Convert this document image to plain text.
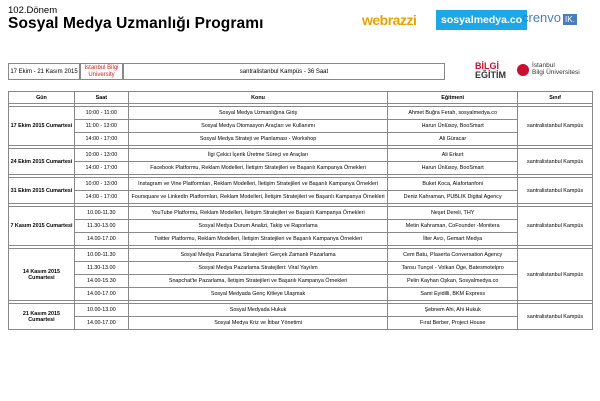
102.Dönem
Sosyal Medya Uzmanlığı Programı	webrazzi	sosyalmedya.co crenvo IK.
17 Ekim - 21 Kasım 2015
İstanbul Bilgi University	santralistanbul Kampüs - 36 Saat
BİLGİ
EĞİTİM
İstanbul
Bilgi Üniversitesi
Gün	Saat	Konu	Eğitmeni	Sınıf

17 Ekim 2015 Cumartesi	10:00 - 11:00	Sosyal Medya Uzmanlığına Giriş	Ahmet Buğra Ferah, sosyalmedya.co	santralistanbul Kampüs
	11:00 - 13:00	Sosyal Medya Otomasyon Araçları ve Kullanımı	Harun Ünlüsoy, BooSmart	
	14:00 - 17:00	Sosyal Medya Strateji ve Planlaması - Workshop	Ali Güracar	

24 Ekim 2015 Cumartesi	10:00 - 13:00	İlgi Çekici İçerik Üretme Süreçi ve Araçları	Ali Erkurt	santralistanbul Kampüs
	14:00 - 17:00	Facebook Platformu, Reklam Modelleri, İletişim Stratejileri ve Başarılı Kampanya Örnekleri	Harun Ünlüsoy, BooSmart	

31 Ekim 2015 Cumartesi	10:00 - 13:00	Instagram ve Vine Platformları, Reklam Modelleri, İletişim Stratejileri ve Başarılı Kampanya Örnekleri	Buket Koca, Alafortanfoni	santralistanbul Kampüs
	14:00 - 17:00	Foursquare ve LinkedIn Platformları, Reklam Modelleri, İletişim Stratejileri ve Başarılı Kampanya Örnekleri	Deniz Kahraman, PUBLIK Digital Agency	

7 Kasım 2015 Cumartesi	10.00-11.30	YouTube Platformu, Reklam Modelleri, İletişim Stratejileri ve Başarılı Kampanya Örnekleri	Neşet Dereli, THY	santralistanbul Kampüs
	11.30-13.00	Sosyal Medya Durum Analizi, Takip ve Raporlama	Metin Kahraman, CoFounder -Monitera	
	14.00-17.00	Twitter Platformu, Reklam Modelleri, İletişim Stratejileri ve Başarılı Kampanya Örnekleri	İlter Avcı, Gemart Medya	

14 Kasım 2015 Cumartesi	10.00-11.30	Sosyal Medya Pazarlama Stratejileri: Gerçek Zamanlı Pazarlama	Cem Batu, Plaserta Conversation Agency	santralistanbul Kampüs
	11.30-13.00	Sosyal Medya Pazarlama Stratejileri: Viral Yayılım	Tansu Tunçel - Volkan Öge, Batesmotelpro	
	14.00-15.30	Snapchat'te Pazarlama, İletişim Stratejileri ve Başarılı Kampanya Örnekleri	Pelin Kayhan Oşkan, Sosyalmedya.co	
	14.00-17.00	Sosyal Medyada Genç Kitleye Ulaşmak	Sami Eyidilli, BKM Express	

21 Kasım 2015 Cumartesi	10.00-13.00	Sosyal Medyada Hukuk	Şebnem Ahi, Ahi Hukuk	santralistanbul Kampüs
	14.00-17.00	Sosyal Medya Kriz ve İtibar Yönetimi	Fırat Berber, Project House	
